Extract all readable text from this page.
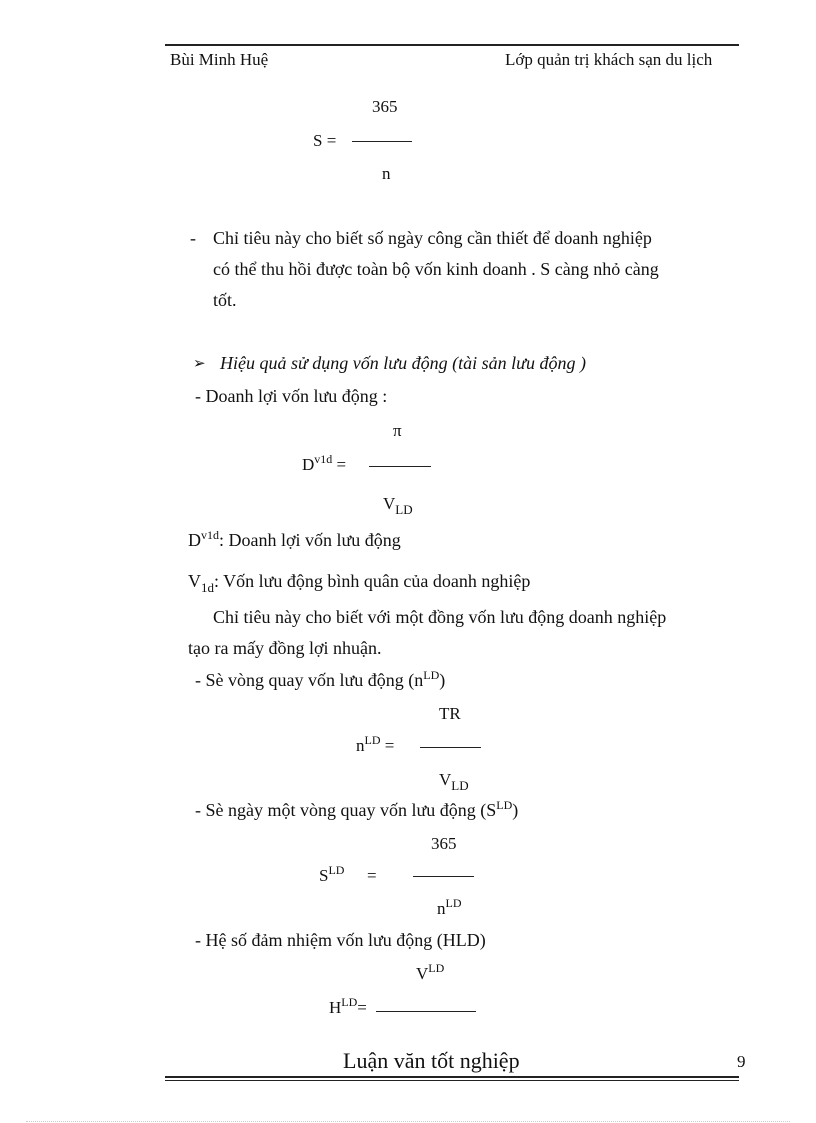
Bùi Minh Huệ	Lớp quản trị khách sạn du lịch
365
S =
n
- Chỉ tiêu này cho biết số ngày công cần thiết để doanh nghiệp
có thể thu hồi được toàn bộ vốn kinh doanh . S càng nhỏ càng
tốt.
➢ Hiệu quả sử dụng vốn lưu động (tài sản lưu động )
- Doanh lợi vốn lưu động :
π
$D^{v1d}$ =
$V_{LD}$
$D^{v1d}$: Doanh lợi vốn lưu động
$V_{1d}$: Vốn lưu động bình quân của doanh nghiệp
Chỉ tiêu này cho biết với một đồng vốn lưu động doanh nghiệp
tạo ra mấy đồng lợi nhuận.
- Sè vòng quay vốn lưu động $(n^{LD})$
TR
$n^{LD}$ =
$V_{LD}$
- Sè ngày một vòng quay vốn lưu động $(S^{LD})$
365
$S^{LD}$ =
$n^{LD}$
- Hệ số đảm nhiệm vốn lưu động (HLD)
$V^{LD}$
$H^{LD}=$
Luận văn tốt nghiệp	9
